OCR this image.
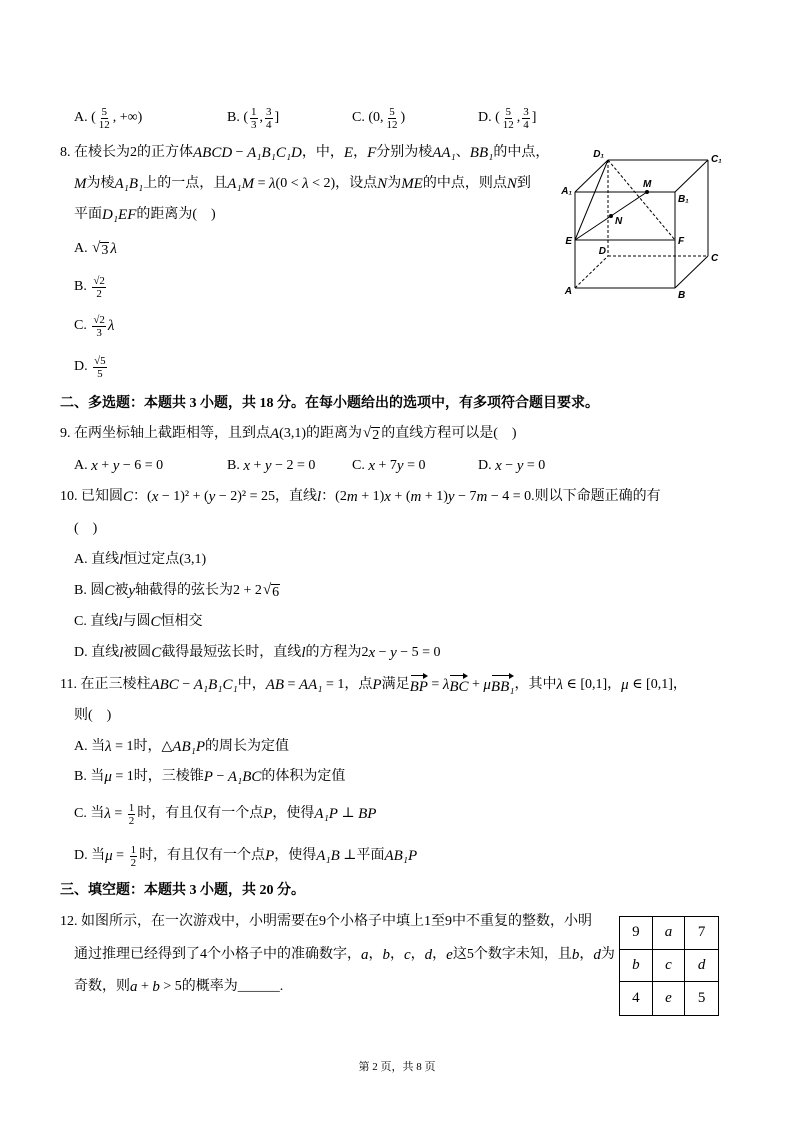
A. ( $\frac{5}{12}$ , +∞)	B. ( $\frac{1}{3}$ , $\frac{3}{4}$ ]	C. (0, $\frac{5}{12}$ )	D. ( $\frac{5}{12}$ , $\frac{3}{4}$ ]
8. 在棱长为2的正方体 ABCD − A₁B₁C₁D ，中， E ， F 分别为棱 AA₁ 、 BB₁ 的中点，
M 为棱 A₁B₁ 上的一点，且 A₁M = λ (0 < λ < 2)，设点 N 为 ME 的中点，则点 N 到
平面 D₁EF 的距离为(    )
A. √ 3 λ
B. $\frac{√2}{2}$
C. $\frac{√2}{3}$ λ
D. $\frac{√5}{5}$
D₁	C₁
A₁
B₁
M
N
E	F
D
C
A	B
二、多选题：本题共 3 小题，共 18 分。在每小题给出的选项中，有多项符合题目要求。
9. 在两坐标轴上截距相等，且到点 A (3,1)的距离为 √ 2 的直线方程可以是(    )
A. x + y − 6 = 0	B. x + y − 2 = 0	C. x + 7 y = 0	D. x − y = 0
10. 已知圆 C ：( x − 1)² + ( y − 2)² = 25，直线 l ：(2 m + 1) x + ( m + 1) y − 7 m − 4 = 0.则以下命题正确的有
(    )
A. 直线 l 恒过定点(3,1)
B. 圆 C 被 y 轴截得的弦长为2 + 2 √ 6
C. 直线 l 与圆 C 恒相交
D. 直线 l 被圆 C 截得最短弦长时，直线 l 的方程为2 x − y − 5 = 0
11. 在正三棱柱 ABC − A₁B₁C₁ 中， AB = AA₁ = 1，点 P 满足 BP = λ BC + μ BB₁ ，其中 λ ∈ [0,1]， μ ∈ [0,1]，
则(    )
A. 当 λ = 1时，△ AB₁P 的周长为定值
B. 当 μ = 1时，三棱锥 P − A₁BC 的体积为定值
C. 当 $\lambda = \frac{1}{2}$ 时，有且仅有一个点 P ，使得 A₁P ⊥ BP
D. 当 $\mu = \frac{1}{2}$ 时，有且仅有一个点 P ，使得 A₁B ⊥平面 AB₁P
三、填空题：本题共 3 小题，共 20 分。
12. 如图所示，在一次游戏中，小明需要在9个小格子中填上1至9中不重复的整数，小明
通过推理已经得到了4个小格子中的准确数字， a ， b ， c ， d ， e 这5个数字未知，且 b ， d 为
奇数，则 a + b > 5的概率为______.
9	a	7
b	c	d
4	e	5
第 2 页，共 8 页
